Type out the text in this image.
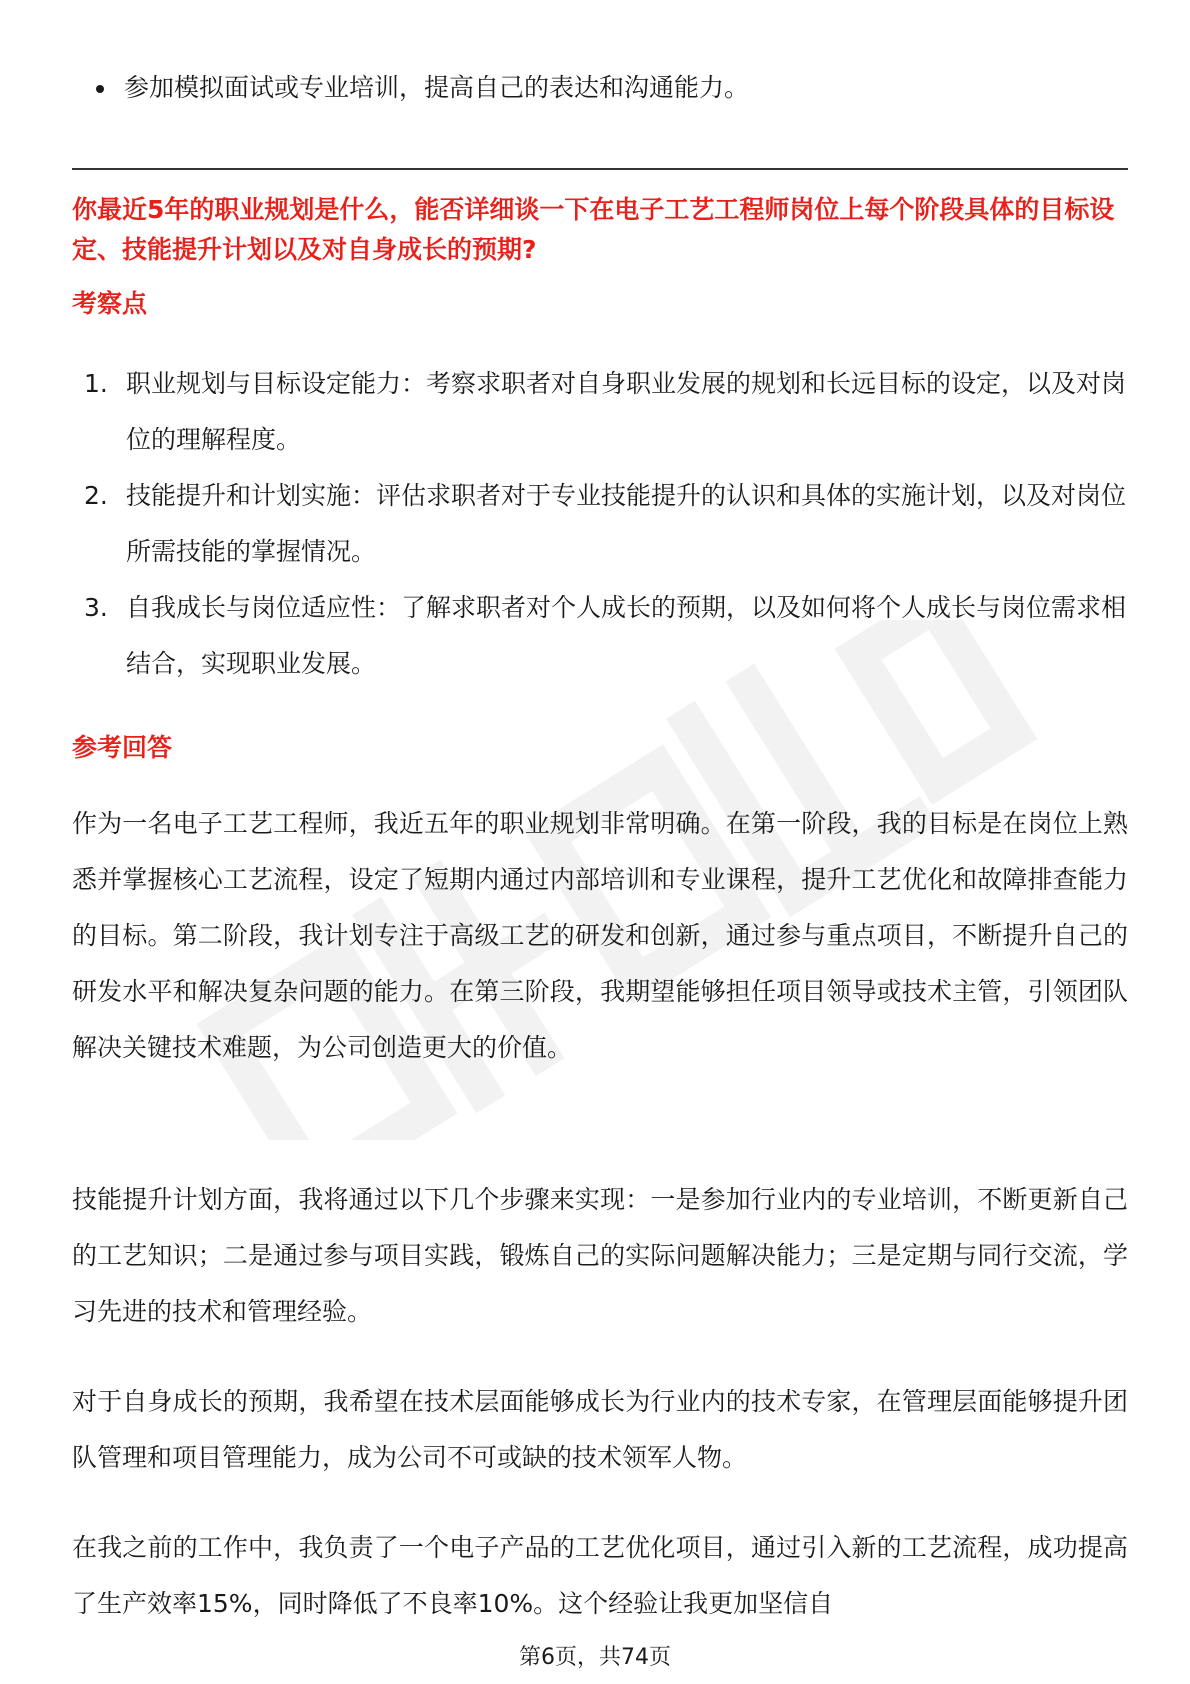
参加模拟面试或专业培训，提高自己的表达和沟通能力。
你最近5年的职业规划是什么，能否详细谈一下在电子工艺工程师岗位上每个阶段具体的目标设定、技能提升计划以及对自身成长的预期?
考察点
1. 职业规划与目标设定能力：考察求职者对自身职业发展的规划和长远目标的设定，以及对岗位的理解程度。
2. 技能提升和计划实施：评估求职者对于专业技能提升的认识和具体的实施计划，以及对岗位所需技能的掌握情况。
3. 自我成长与岗位适应性：了解求职者对个人成长的预期，以及如何将个人成长与岗位需求相结合，实现职业发展。
参考回答
作为一名电子工艺工程师，我近五年的职业规划非常明确。在第一阶段，我的目标是在岗位上熟悉并掌握核心工艺流程，设定了短期内通过内部培训和专业课程，提升工艺优化和故障排查能力的目标。第二阶段，我计划专注于高级工艺的研发和创新，通过参与重点项目，不断提升自己的研发水平和解决复杂问题的能力。在第三阶段，我期望能够担任项目领导或技术主管，引领团队解决关键技术难题，为公司创造更大的价值。
技能提升计划方面，我将通过以下几个步骤来实现：一是参加行业内的专业培训，不断更新自己的工艺知识；二是通过参与项目实践，锻炼自己的实际问题解决能力；三是定期与同行交流，学习先进的技术和管理经验。
对于自身成长的预期，我希望在技术层面能够成长为行业内的技术专家，在管理层面能够提升团队管理和项目管理能力，成为公司不可或缺的技术领军人物。
在我之前的工作中，我负责了一个电子产品的工艺优化项目，通过引入新的工艺流程，成功提高了生产效率15%，同时降低了不良率10%。这个经验让我更加坚信自
第6页，共74页
